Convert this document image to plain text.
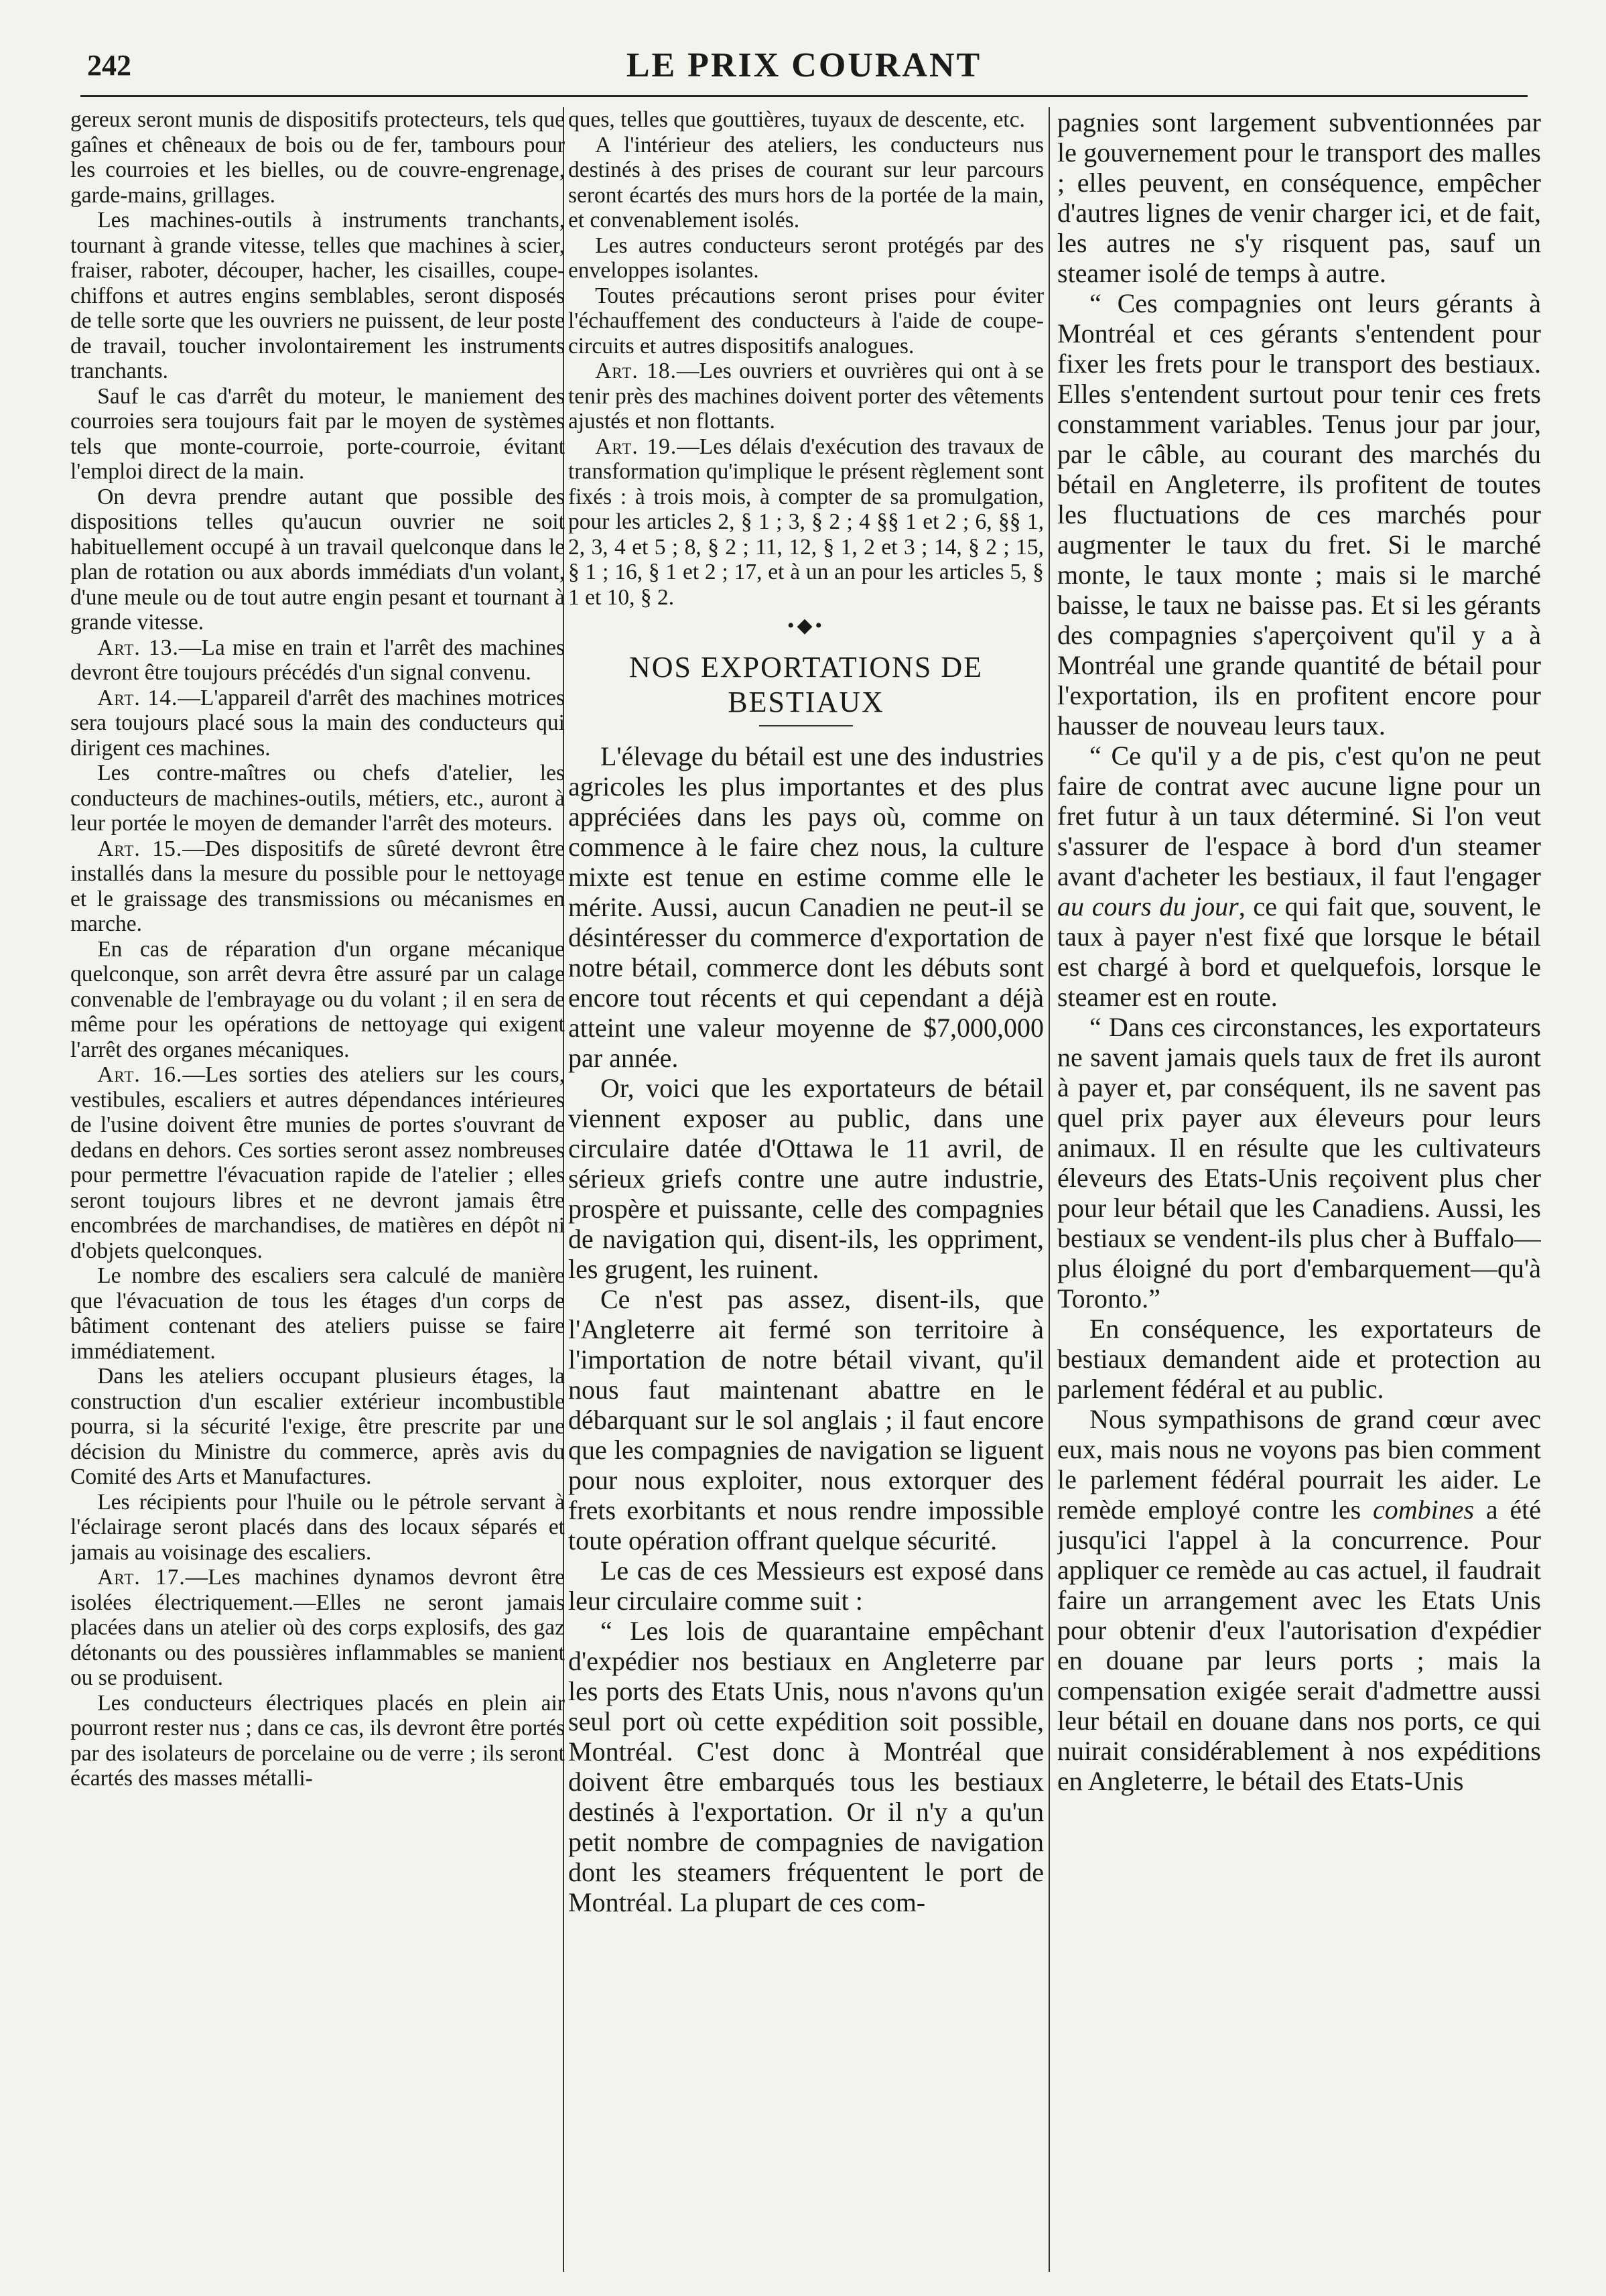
242	LE PRIX COURANT

gereux seront munis de dispositifs protecteurs, tels que gaînes et chêneaux de bois ou de fer, tambours pour les courroies et les bielles, ou de couvre-engrenage, garde-mains, grillages.

Les machines-outils à instruments tranchants, tournant à grande vitesse, telles que machines à scier, fraiser, raboter, découper, hacher, les cisailles, coupe-chiffons et autres engins semblables, seront disposés de telle sorte que les ouvriers ne puissent, de leur poste de travail, toucher involontairement les instruments tranchants.

Sauf le cas d'arrêt du moteur, le maniement des courroies sera toujours fait par le moyen de systèmes tels que monte-courroie, porte-courroie, évitant l'emploi direct de la main.

On devra prendre autant que possible des dispositions telles qu'aucun ouvrier ne soit habituellement occupé à un travail quelconque dans le plan de rotation ou aux abords immédiats d'un volant, d'une meule ou de tout autre engin pesant et tournant à grande vitesse.

Art. 13.—La mise en train et l'arrêt des machines devront être toujours précédés d'un signal convenu.

Art. 14.—L'appareil d'arrêt des machines motrices sera toujours placé sous la main des conducteurs qui dirigent ces machines.

Les contre-maîtres ou chefs d'atelier, les conducteurs de machines-outils, métiers, etc., auront à leur portée le moyen de demander l'arrêt des moteurs.

Art. 15.—Des dispositifs de sûreté devront être installés dans la mesure du possible pour le nettoyage et le graissage des transmissions ou mécanismes en marche.

En cas de réparation d'un organe mécanique quelconque, son arrêt devra être assuré par un calage convenable de l'embrayage ou du volant ; il en sera de même pour les opérations de nettoyage qui exigent l'arrêt des organes mécaniques.

Art. 16.—Les sorties des ateliers sur les cours, vestibules, escaliers et autres dépendances intérieures de l'usine doivent être munies de portes s'ouvrant de dedans en dehors. Ces sorties seront assez nombreuses pour permettre l'évacuation rapide de l'atelier ; elles seront toujours libres et ne devront jamais être encombrées de marchandises, de matières en dépôt ni d'objets quelconques.

Le nombre des escaliers sera calculé de manière que l'évacuation de tous les étages d'un corps de bâtiment contenant des ateliers puisse se faire immédiatement.

Dans les ateliers occupant plusieurs étages, la construction d'un escalier extérieur incombustible pourra, si la sécurité l'exige, être prescrite par une décision du Ministre du commerce, après avis du Comité des Arts et Manufactures.

Les récipients pour l'huile ou le pétrole servant à l'éclairage seront placés dans des locaux séparés et jamais au voisinage des escaliers.

Art. 17.—Les machines dynamos devront être isolées électriquement.—Elles ne seront jamais placées dans un atelier où des corps explosifs, des gaz détonants ou des poussières inflammables se manient ou se produisent.

Les conducteurs électriques placés en plein air pourront rester nus ; dans ce cas, ils devront être portés par des isolateurs de porcelaine ou de verre ; ils seront écartés des masses métalli-

ques, telles que gouttières, tuyaux de descente, etc.

A l'intérieur des ateliers, les conducteurs nus destinés à des prises de courant sur leur parcours seront écartés des murs hors de la portée de la main, et convenablement isolés.

Les autres conducteurs seront protégés par des enveloppes isolantes.

Toutes précautions seront prises pour éviter l'échauffement des conducteurs à l'aide de coupe-circuits et autres dispositifs analogues.

Art. 18.—Les ouvriers et ouvrières qui ont à se tenir près des machines doivent porter des vêtements ajustés et non flottants.

Art. 19.—Les délais d'exécution des travaux de transformation qu'implique le présent règlement sont fixés : à trois mois, à compter de sa promulgation, pour les articles 2, § 1 ; 3, § 2 ; 4 §§ 1 et 2 ; 6, §§ 1, 2, 3, 4 et 5 ; 8, § 2 ; 11, 12, § 1, 2 et 3 ; 14, § 2 ; 15, § 1 ; 16, § 1 et 2 ; 17, et à un an pour les articles 5, § 1 et 10, § 2.

•◆•
NOS EXPORTATIONS DE
BESTIAUX

L'élevage du bétail est une des industries agricoles les plus importantes et des plus appréciées dans les pays où, comme on commence à le faire chez nous, la culture mixte est tenue en estime comme elle le mérite. Aussi, aucun Canadien ne peut-il se désintéresser du commerce d'exportation de notre bétail, commerce dont les débuts sont encore tout récents et qui cependant a déjà atteint une valeur moyenne de $7,000,000 par année.

Or, voici que les exportateurs de bétail viennent exposer au public, dans une circulaire datée d'Ottawa le 11 avril, de sérieux griefs contre une autre industrie, prospère et puissante, celle des compagnies de navigation qui, disent-ils, les oppriment, les grugent, les ruinent.

Ce n'est pas assez, disent-ils, que l'Angleterre ait fermé son territoire à l'importation de notre bétail vivant, qu'il nous faut maintenant abattre en le débarquant sur le sol anglais ; il faut encore que les compagnies de navigation se liguent pour nous exploiter, nous extorquer des frets exorbitants et nous rendre impossible toute opération offrant quelque sécurité.

Le cas de ces Messieurs est exposé dans leur circulaire comme suit :

“ Les lois de quarantaine empêchant d'expédier nos bestiaux en Angleterre par les ports des Etats Unis, nous n'avons qu'un seul port où cette expédition soit possible, Montréal. C'est donc à Montréal que doivent être embarqués tous les bestiaux destinés à l'exportation. Or il n'y a qu'un petit nombre de compagnies de navigation dont les steamers fréquentent le port de Montréal. La plupart de ces com-

pagnies sont largement subventionnées par le gouvernement pour le transport des malles ; elles peuvent, en conséquence, empêcher d'autres lignes de venir charger ici, et de fait, les autres ne s'y risquent pas, sauf un steamer isolé de temps à autre.

“ Ces compagnies ont leurs gérants à Montréal et ces gérants s'entendent pour fixer les frets pour le transport des bestiaux. Elles s'entendent surtout pour tenir ces frets constamment variables. Tenus jour par jour, par le câble, au courant des marchés du bétail en Angleterre, ils profitent de toutes les fluctuations de ces marchés pour augmenter le taux du fret. Si le marché monte, le taux monte ; mais si le marché baisse, le taux ne baisse pas. Et si les gérants des compagnies s'aperçoivent qu'il y a à Montréal une grande quantité de bétail pour l'exportation, ils en profitent encore pour hausser de nouveau leurs taux.

“ Ce qu'il y a de pis, c'est qu'on ne peut faire de contrat avec aucune ligne pour un fret futur à un taux déterminé. Si l'on veut s'assurer de l'espace à bord d'un steamer avant d'acheter les bestiaux, il faut l'engager au cours du jour, ce qui fait que, souvent, le taux à payer n'est fixé que lorsque le bétail est chargé à bord et quelquefois, lorsque le steamer est en route.

“ Dans ces circonstances, les exportateurs ne savent jamais quels taux de fret ils auront à payer et, par conséquent, ils ne savent pas quel prix payer aux éleveurs pour leurs animaux. Il en résulte que les cultivateurs éleveurs des Etats-Unis reçoivent plus cher pour leur bétail que les Canadiens. Aussi, les bestiaux se vendent-ils plus cher à Buffalo—plus éloigné du port d'embarquement—qu'à Toronto.”

En conséquence, les exportateurs de bestiaux demandent aide et protection au parlement fédéral et au public.

Nous sympathisons de grand cœur avec eux, mais nous ne voyons pas bien comment le parlement fédéral pourrait les aider. Le remède employé contre les combines a été jusqu'ici l'appel à la concurrence. Pour appliquer ce remède au cas actuel, il faudrait faire un arrangement avec les Etats Unis pour obtenir d'eux l'autorisation d'expédier en douane par leurs ports ; mais la compensation exigée serait d'admettre aussi leur bétail en douane dans nos ports, ce qui nuirait considérablement à nos expéditions en Angleterre, le bétail des Etats-Unis
